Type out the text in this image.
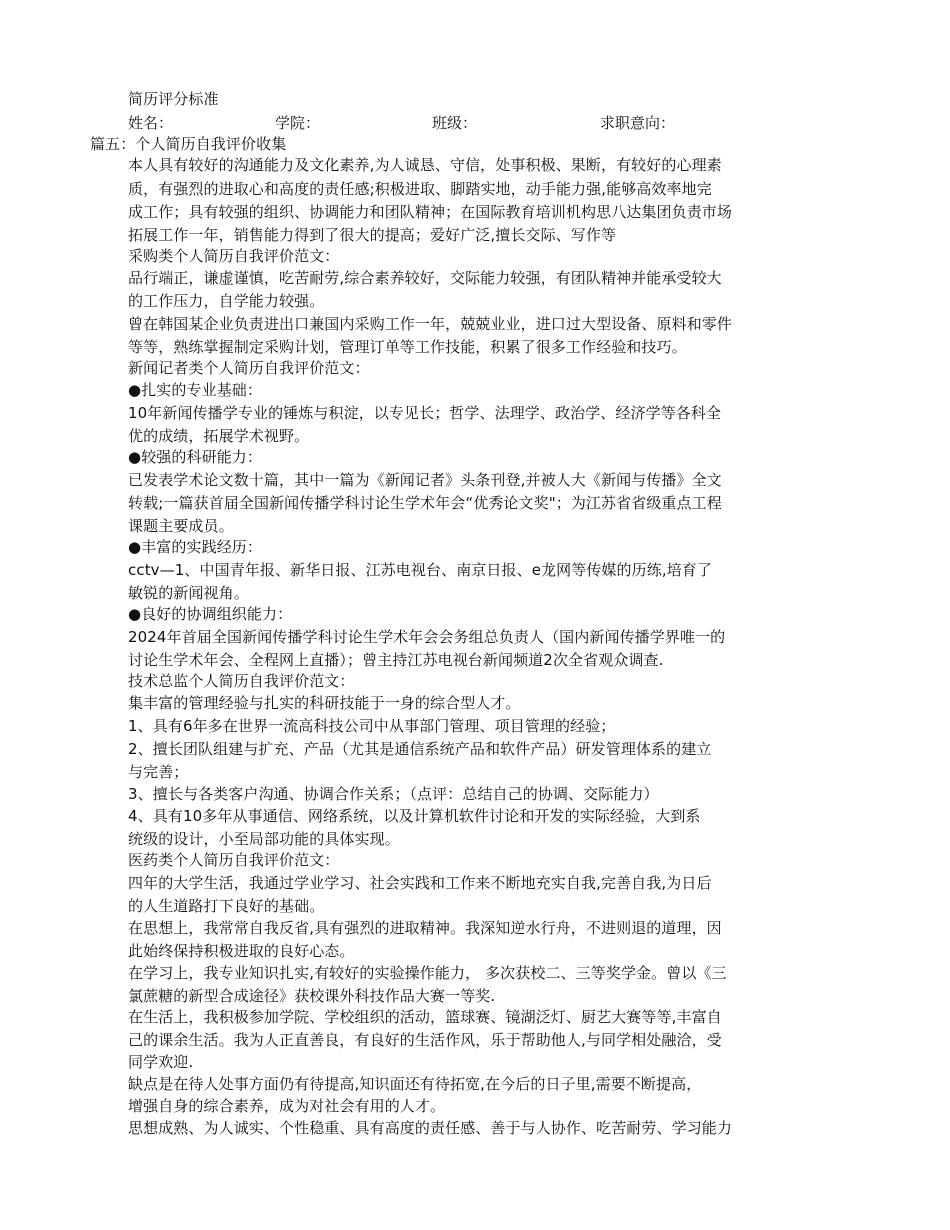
简历评分标准
姓名：	学院：	班级：	求职意向：
篇五：个人简历自我评价收集
本人具有较好的沟通能力及文化素养,为人诚恳、守信，处事积极、果断，有较好的心理素
质，有强烈的进取心和高度的责任感;积极进取、脚踏实地，动手能力强,能够高效率地完
成工作；具有较强的组织、协调能力和团队精神；在国际教育培训机构思八达集团负责市场
拓展工作一年，销售能力得到了很大的提高；爱好广泛,擅长交际、写作等
采购类个人简历自我评价范文：
品行端正，谦虚谨慎，吃苦耐劳,综合素养较好，交际能力较强，有团队精神并能承受较大
的工作压力，自学能力较强。
曾在韩国某企业负责进出口兼国内采购工作一年，兢兢业业，进口过大型设备、原料和零件
等等，熟练掌握制定采购计划，管理订单等工作技能，积累了很多工作经验和技巧。
新闻记者类个人简历自我评价范文：
●扎实的专业基础：
10年新闻传播学专业的锤炼与积淀，以专见长；哲学、法理学、政治学、经济学等各科全
优的成绩，拓展学术视野。
●较强的科研能力：
已发表学术论文数十篇，其中一篇为《新闻记者》头条刊登,并被人大《新闻与传播》全文
转载;一篇获首届全国新闻传播学科讨论生学术年会“优秀论文奖"；为江苏省省级重点工程
课题主要成员。
●丰富的实践经历：
cctv—1、中国青年报、新华日报、江苏电视台、南京日报、e龙网等传媒的历练,培育了
敏锐的新闻视角。
●良好的协调组织能力：
2024年首届全国新闻传播学科讨论生学术年会会务组总负责人（国内新闻传播学界唯一的
讨论生学术年会、全程网上直播）；曾主持江苏电视台新闻频道2次全省观众调查.
技术总监个人简历自我评价范文：
集丰富的管理经验与扎实的科研技能于一身的综合型人才。
1、具有6年多在世界一流高科技公司中从事部门管理、项目管理的经验；
2、擅长团队组建与扩充、产品（尤其是通信系统产品和软件产品）研发管理体系的建立
与完善；
3、擅长与各类客户沟通、协调合作关系；（点评：总结自己的协调、交际能力）
4、具有10多年从事通信、网络系统，以及计算机软件讨论和开发的实际经验，大到系
统级的设计，小至局部功能的具体实现。
医药类个人简历自我评价范文：
四年的大学生活，我通过学业学习、社会实践和工作来不断地充实自我,完善自我,为日后
的人生道路打下良好的基础。
在思想上，我常常自我反省,具有强烈的进取精神。我深知逆水行舟，不进则退的道理，因
此始终保持积极进取的良好心态。
在学习上，我专业知识扎实,有较好的实验操作能力， 多次获校二、三等奖学金。曾以《三
氯蔗糖的新型合成途径》获校课外科技作品大赛一等奖.
在生活上，我积极参加学院、学校组织的活动，篮球赛、镜湖泛灯、厨艺大赛等等,丰富自
己的课余生活。我为人正直善良，有良好的生活作风，乐于帮助他人,与同学相处融洽，受
同学欢迎.
缺点是在待人处事方面仍有待提高,知识面还有待拓宽,在今后的日子里,需要不断提高，
增强自身的综合素养，成为对社会有用的人才。
思想成熟、为人诚实、个性稳重、具有高度的责任感、善于与人协作、吃苦耐劳、学习能力
